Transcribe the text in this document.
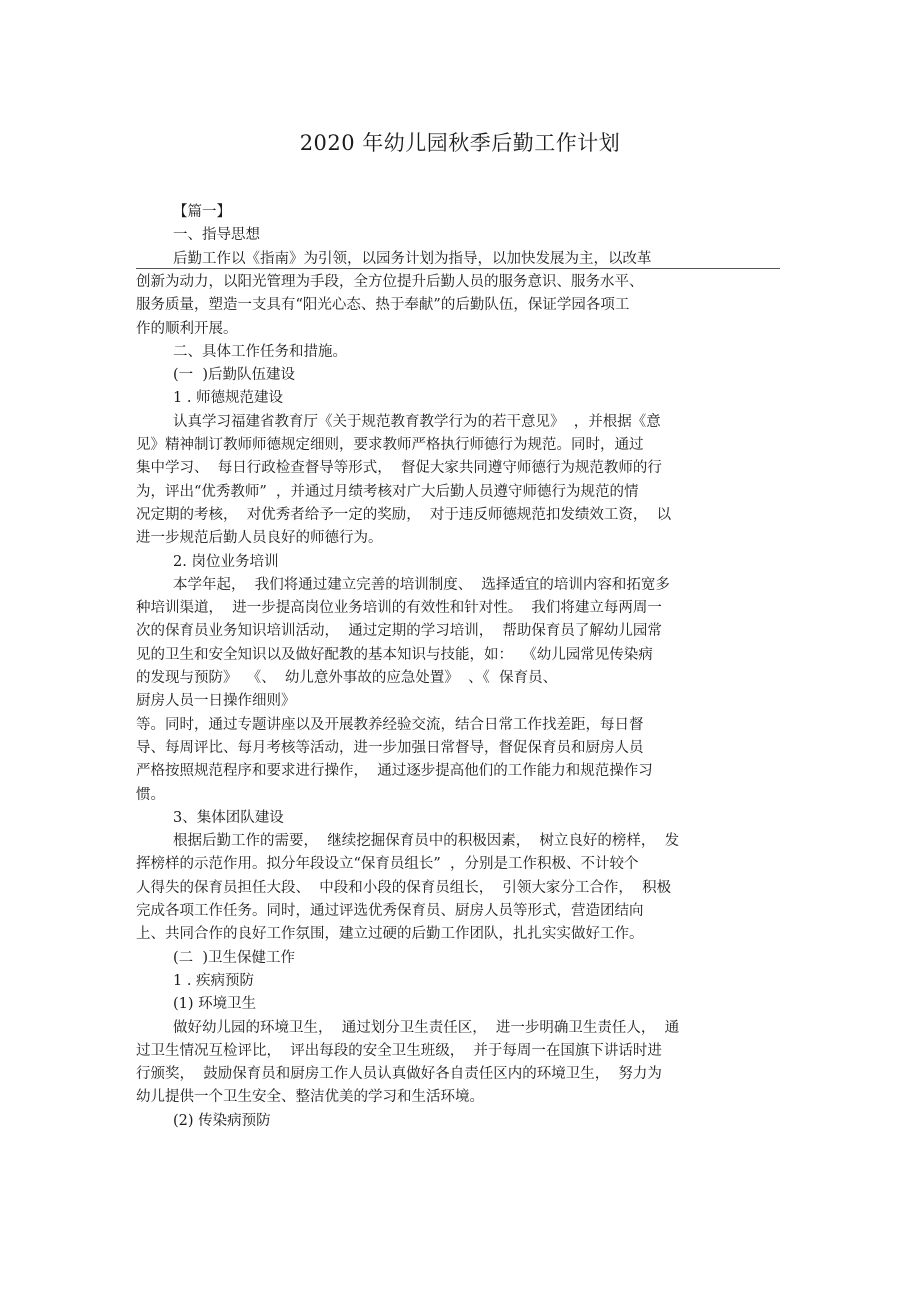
2020 年幼儿园秋季后勤工作计划
【篇一】
一、指导思想
后勤工作以《指南》为引领，以园务计划为指导，以加快发展为主，以改革
创新为动力，以阳光管理为手段，全方位提升后勤人员的服务意识、服务水平、
服务质量，塑造一支具有“阳光心态、热于奉献”的后勤队伍，保证学园各项工
作的顺利开展。
二、具体工作任务和措施。
(一  )后勤队伍建设
1 . 师德规范建设
认真学习福建省教育厅《关于规范教育教学行为的若干意见》  ，并根据《意
见》精神制订教师师德规定细则，要求教师严格执行师德行为规范。同时，通过
集中学习、  每日行政检查督导等形式，  督促大家共同遵守师德行为规范教师的行
为，评出“优秀教师”  ，并通过月绩考核对广大后勤人员遵守师德行为规范的情
况定期的考核，  对优秀者给予一定的奖励，  对于违反师德规范扣发绩效工资，  以
进一步规范后勤人员良好的师德行为。
2. 岗位业务培训
本学年起，  我们将通过建立完善的培训制度、  选择适宜的培训内容和拓宽多
种培训渠道，  进一步提高岗位业务培训的有效性和针对性。  我们将建立每两周一
次的保育员业务知识培训活动，  通过定期的学习培训，  帮助保育员了解幼儿园常
见的卫生和安全知识以及做好配教的基本知识与技能，如：  《幼儿园常见传染病
的发现与预防》  《、  幼儿意外事故的应急处置》  、《  保育员、
厨房人员一日操作细则》
等。同时，通过专题讲座以及开展教养经验交流，结合日常工作找差距，每日督
导、每周评比、每月考核等活动，进一步加强日常督导，督促保育员和厨房人员
严格按照规范程序和要求进行操作，  通过逐步提高他们的工作能力和规范操作习
惯。
3、集体团队建设
根据后勤工作的需要，  继续挖掘保育员中的积极因素，  树立良好的榜样，  发
挥榜样的示范作用。拟分年段设立“保育员组长”  ，分别是工作积极、不计较个
人得失的保育员担任大段、  中段和小段的保育员组长，  引领大家分工合作，  积极
完成各项工作任务。同时，通过评选优秀保育员、厨房人员等形式，营造团结向
上、共同合作的良好工作氛围，建立过硬的后勤工作团队，扎扎实实做好工作。
(二  )卫生保健工作
1 . 疾病预防
(1) 环境卫生
做好幼儿园的环境卫生，  通过划分卫生责任区，  进一步明确卫生责任人，  通
过卫生情况互检评比，  评出每段的安全卫生班级，  并于每周一在国旗下讲话时进
行颁奖，  鼓励保育员和厨房工作人员认真做好各自责任区内的环境卫生，  努力为
幼儿提供一个卫生安全、整洁优美的学习和生活环境。
(2) 传染病预防
